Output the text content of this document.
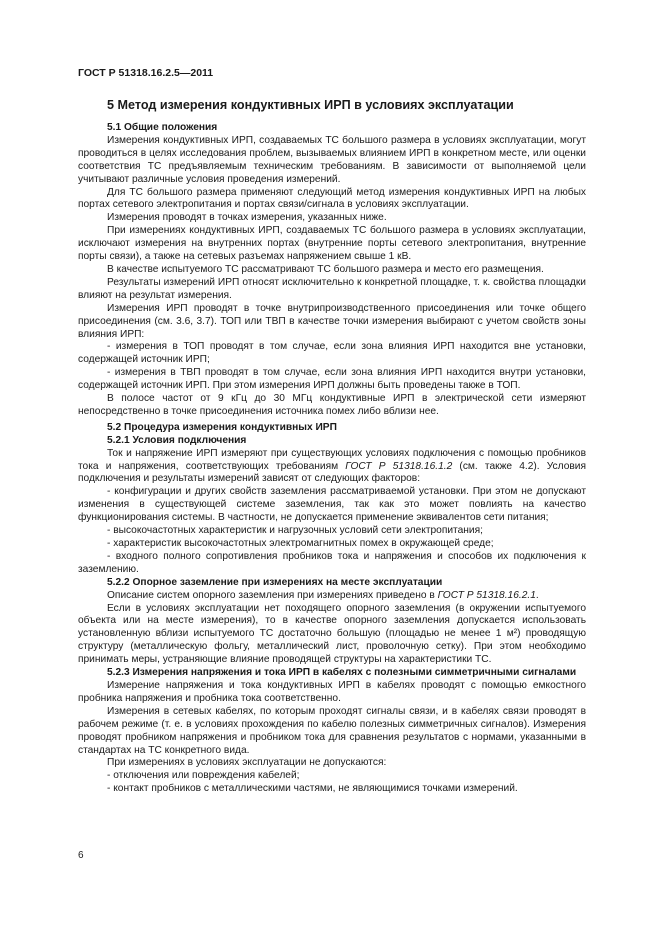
ГОСТ Р 51318.16.2.5—2011
5 Метод измерения кондуктивных ИРП в условиях эксплуатации
5.1 Общие положения

Измерения кондуктивных ИРП, создаваемых ТС большого размера в условиях эксплуатации, могут проводиться в целях исследования проблем, вызываемых влиянием ИРП в конкретном месте, или оценки соответствия ТС предъявляемым техническим требованиям. В зависимости от выполняемой цели учитывают различные условия проведения измерений.

Для ТС большого размера применяют следующий метод измерения кондуктивных ИРП на любых портах сетевого электропитания и портах связи/сигнала в условиях эксплуатации.

Измерения проводят в точках измерения, указанных ниже.

При измерениях кондуктивных ИРП, создаваемых ТС большого размера в условиях эксплуатации, исключают измерения на внутренних портах (внутренние порты сетевого электропитания, внутренние порты связи), а также на сетевых разъемах напряжением свыше 1 кВ.

В качестве испытуемого ТС рассматривают ТС большого размера и место его размещения.

Результаты измерений ИРП относят исключительно к конкретной площадке, т. к. свойства площадки влияют на результат измерения.

Измерения ИРП проводят в точке внутрипроизводственного присоединения или точке общего присоединения (см. 3.6, 3.7). ТОП или ТВП в качестве точки измерения выбирают с учетом свойств зоны влияния ИРП:

- измерения в ТОП проводят в том случае, если зона влияния ИРП находится вне установки, содержащей источник ИРП;

- измерения в ТВП проводят в том случае, если зона влияния ИРП находится внутри установки, содержащей источник ИРП. При этом измерения ИРП должны быть проведены также в ТОП.

В полосе частот от 9 кГц до 30 МГц кондуктивные ИРП в электрической сети измеряют непосредственно в точке присоединения источника помех либо вблизи нее.

5.2 Процедура измерения кондуктивных ИРП
5.2.1 Условия подключения

Ток и напряжение ИРП измеряют при существующих условиях подключения с помощью пробников тока и напряжения, соответствующих требованиям ГОСТ Р 51318.16.1.2 (см. также 4.2). Условия подключения и результаты измерений зависят от следующих факторов:

- конфигурации и других свойств заземления рассматриваемой установки. При этом не допускают изменения в существующей системе заземления, так как это может повлиять на качество функционирования системы. В частности, не допускается применение эквивалентов сети питания;

- высокочастотных характеристик и нагрузочных условий сети электропитания;

- характеристик высокочастотных электромагнитных помех в окружающей среде;

- входного полного сопротивления пробников тока и напряжения и способов их подключения к заземлению.

5.2.2 Опорное заземление при измерениях на месте эксплуатации

Описание систем опорного заземления при измерениях приведено в ГОСТ Р 51318.16.2.1.

Если в условиях эксплуатации нет походящего опорного заземления (в окружении испытуемого объекта или на месте измерения), то в качестве опорного заземления допускается использовать установленную вблизи испытуемого ТС достаточно большую (площадью не менее 1 м²) проводящую структуру (металлическую фольгу, металлический лист, проволочную сетку). При этом необходимо принимать меры, устраняющие влияние проводящей структуры на характеристики ТС.

5.2.3 Измерения напряжения и тока ИРП в кабелях с полезными симметричными сигналами

Измерение напряжения и тока кондуктивных ИРП в кабелях проводят с помощью емкостного пробника напряжения и пробника тока соответственно.

Измерения в сетевых кабелях, по которым проходят сигналы связи, и в кабелях связи проводят в рабочем режиме (т. е. в условиях прохождения по кабелю полезных симметричных сигналов). Измерения проводят пробником напряжения и пробником тока для сравнения результатов с нормами, указанными в стандартах на ТС конкретного вида.

При измерениях в условиях эксплуатации не допускаются:

- отключения или повреждения кабелей;

- контакт пробников с металлическими частями, не являющимися точками измерений.

6
